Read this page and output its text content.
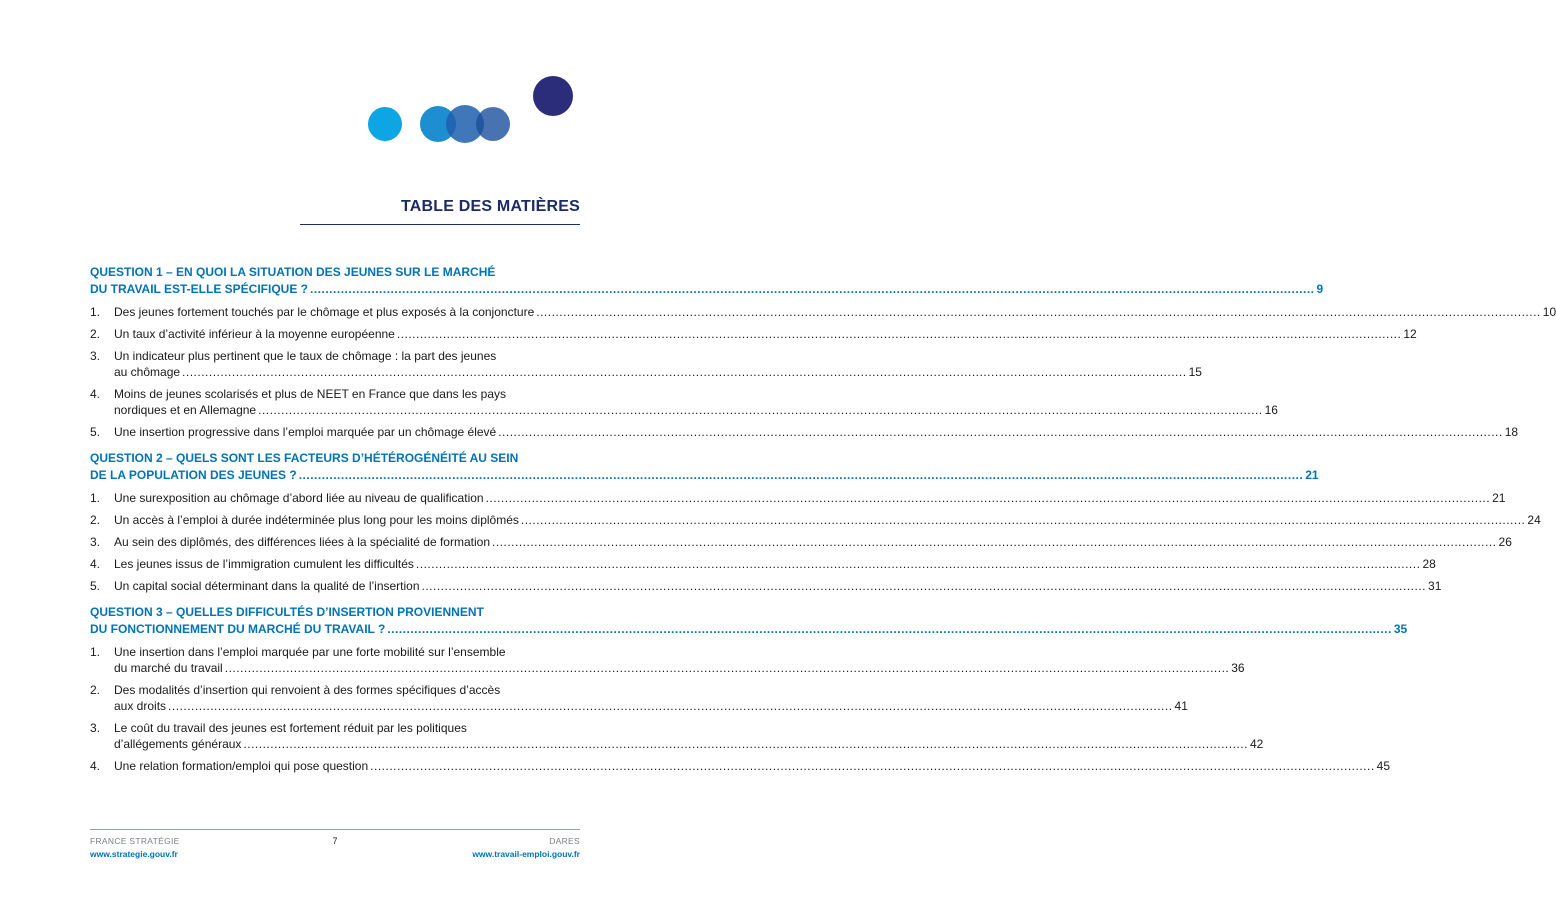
TABLE DES MATIÈRES
QUESTION 1 – EN QUOI LA SITUATION DES JEUNES SUR LE MARCHÉ
DU TRAVAIL EST-ELLE SPÉCIFIQUE ? .....	9
1.	Des jeunes fortement touchés par le chômage et plus exposés à la conjoncture .....	10
2.	Un taux d’activité inférieur à la moyenne européenne .....	12
3.	Un indicateur plus pertinent que le taux de chômage : la part des jeunes
au chômage .....	15
4.	Moins de jeunes scolarisés et plus de NEET en France que dans les pays
nordiques et en Allemagne .....	16
5.	Une insertion progressive dans l’emploi marquée par un chômage élevé .....	18
QUESTION 2 – QUELS SONT LES FACTEURS D’HÉTÉROGÉNÉITÉ AU SEIN
DE LA POPULATION DES JEUNES ? .....	21
1.	Une surexposition au chômage d’abord liée au niveau de qualification .....	21
2.	Un accès à l’emploi à durée indéterminée plus long pour les moins diplômés .....	24
3.	Au sein des diplômés, des différences liées à la spécialité de formation .....	26
4.	Les jeunes issus de l’immigration cumulent les difficultés .....	28
5.	Un capital social déterminant dans la qualité de l’insertion .....	31
QUESTION 3 – QUELLES DIFFICULTÉS D’INSERTION PROVIENNENT
DU FONCTIONNEMENT DU MARCHÉ DU TRAVAIL ? .....	35
1.	Une insertion dans l’emploi marquée par une forte mobilité sur l’ensemble
du marché du travail .....	36
2.	Des modalités d’insertion qui renvoient à des formes spécifiques d’accès
aux droits .....	41
3.	Le coût du travail des jeunes est fortement réduit par les politiques
d’allégements généraux .....	42
4.	Une relation formation/emploi qui pose question .....	45
FRANCE STRATÉGIE	DARES
7
www.strategie.gouv.fr	www.travail-emploi.gouv.fr
